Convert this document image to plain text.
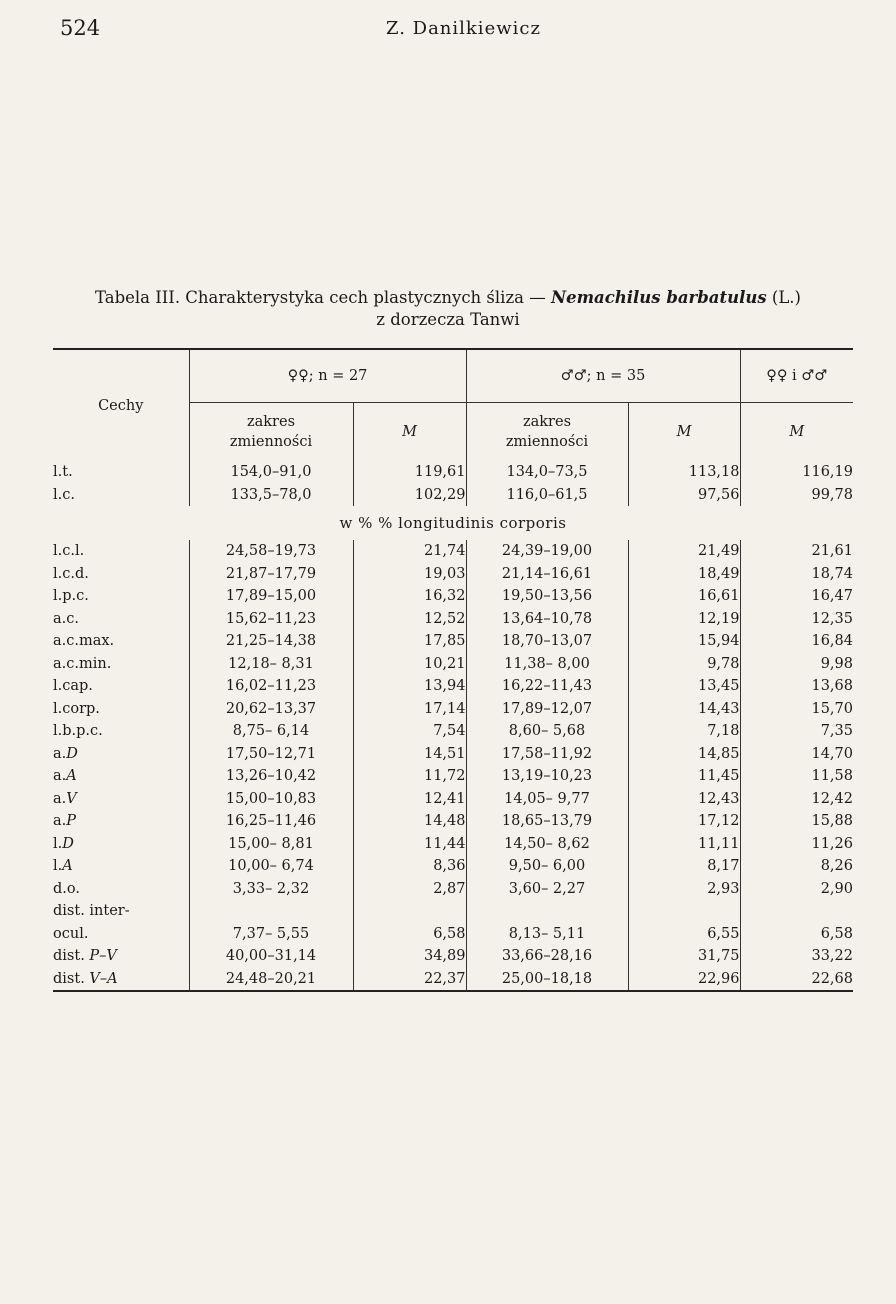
524	Z. Danilkiewicz
Tabela III. Charakterystyka cech plastycznych śliza — Nemachilus barbatulus (L.)
z dorzecza Tanwi
Cechy	♀♀; n = 27		♂♂; n = 35		♀♀ i ♂♂
	zakres zmienności	M	zakres zmienności	M	M
l.t.	154,0–91,0	119,61	134,0–73,5	113,18	116,19
l.c.	133,5–78,0	102,29	116,0–61,5	97,56	99,78
w % % longitudinis corporis					
l.c.l.	24,58–19,73	21,74	24,39–19,00	21,49	21,61
l.c.d.	21,87–17,79	19,03	21,14–16,61	18,49	18,74
l.p.c.	17,89–15,00	16,32	19,50–13,56	16,61	16,47
a.c.	15,62–11,23	12,52	13,64–10,78	12,19	12,35
a.c.max.	21,25–14,38	17,85	18,70–13,07	15,94	16,84
a.c.min.	12,18– 8,31	10,21	11,38– 8,00	9,78	9,98
l.cap.	16,02–11,23	13,94	16,22–11,43	13,45	13,68
l.corp.	20,62–13,37	17,14	17,89–12,07	14,43	15,70
l.b.p.c.	8,75– 6,14	7,54	8,60– 5,68	7,18	7,35
a.D	17,50–12,71	14,51	17,58–11,92	14,85	14,70
a.A	13,26–10,42	11,72	13,19–10,23	11,45	11,58
a.V	15,00–10,83	12,41	14,05– 9,77	12,43	12,42
a.P	16,25–11,46	14,48	18,65–13,79	17,12	15,88
l.D	15,00– 8,81	11,44	14,50– 8,62	11,11	11,26
l.A	10,00– 6,74	8,36	9,50– 6,00	8,17	8,26
d.o.	3,33– 2,32	2,87	3,60– 2,27	2,93	2,90
dist. inter-					
ocul.	7,37– 5,55	6,58	8,13– 5,11	6,55	6,58
dist. P–V	40,00–31,14	34,89	33,66–28,16	31,75	33,22
dist. V–A	24,48–20,21	22,37	25,00–18,18	22,96	22,68
